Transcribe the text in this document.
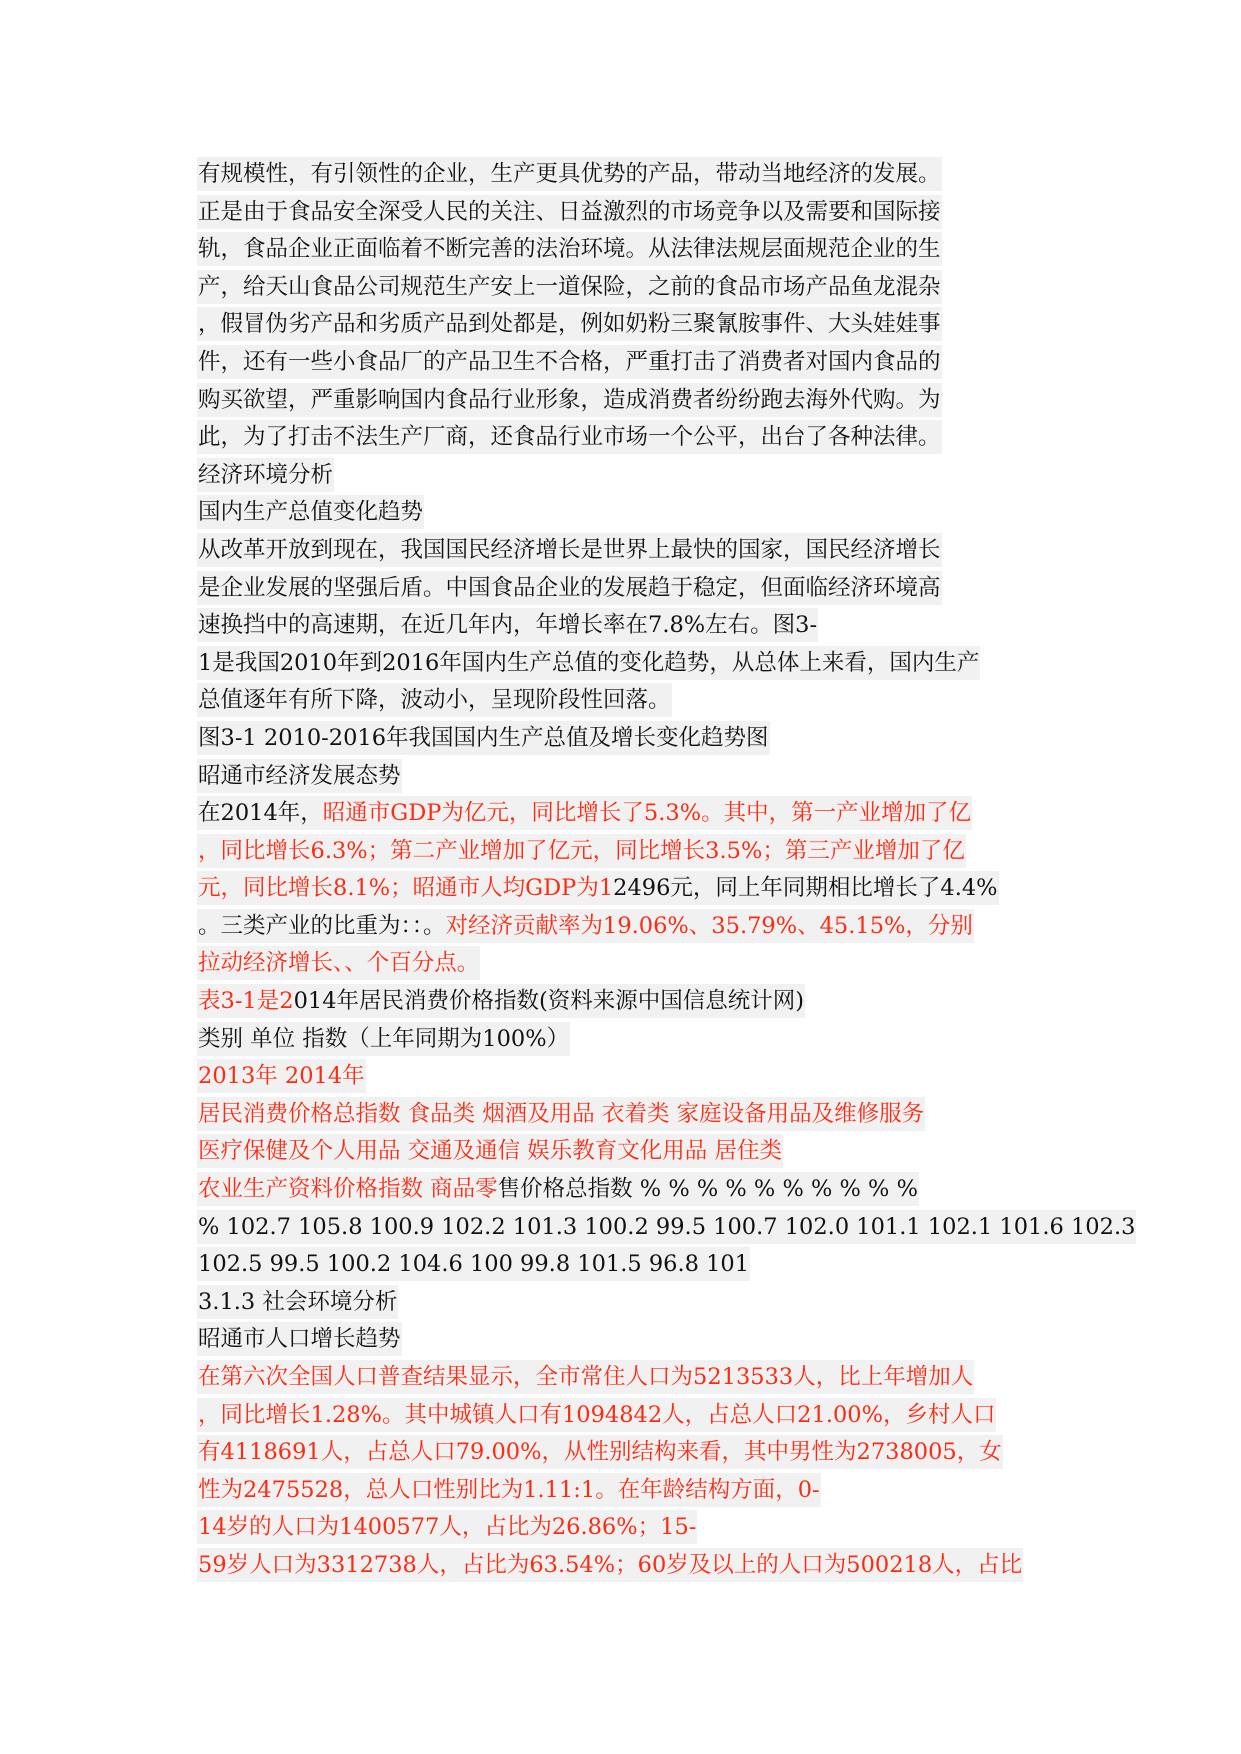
有规模性，有引领性的企业，生产更具优势的产品，带动当地经济的发展。
正是由于食品安全深受人民的关注、日益激烈的市场竞争以及需要和国际接
轨，食品企业正面临着不断完善的法治环境。从法律法规层面规范企业的生
产，给天山食品公司规范生产安上一道保险，之前的食品市场产品鱼龙混杂
，假冒伪劣产品和劣质产品到处都是，例如奶粉三聚氰胺事件、大头娃娃事
件，还有一些小食品厂的产品卫生不合格，严重打击了消费者对国内食品的
购买欲望，严重影响国内食品行业形象，造成消费者纷纷跑去海外代购。为
此，为了打击不法生产厂商，还食品行业市场一个公平，出台了各种法律。
经济环境分析
国内生产总值变化趋势
从改革开放到现在，我国国民经济增长是世界上最快的国家，国民经济增长
是企业发展的坚强后盾。中国食品企业的发展趋于稳定，但面临经济环境高
速换挡中的高速期，在近几年内，年增长率在7.8%左右。图3-
1是我国2010年到2016年国内生产总值的变化趋势，从总体上来看，国内生产
总值逐年有所下降，波动小，呈现阶段性回落。
图3-1 2010-2016年我国国内生产总值及增长变化趋势图
昭通市经济发展态势
在2014年，昭通市GDP为亿元，同比增长了5.3%。其中，第一产业增加了亿
，同比增长6.3%；第二产业增加了亿元，同比增长3.5%；第三产业增加了亿
元，同比增长8.1%；昭通市人均GDP为12496元，同上年同期相比增长了4.4%
。三类产业的比重为：：。对经济贡献率为19.06%、35.79%、45.15%，分别
拉动经济增长、、个百分点。
表3-1是2014年居民消费价格指数(资料来源中国信息统计网)
类别 单位 指数（上年同期为100%）
2013年 2014年
居民消费价格总指数 食品类 烟酒及用品 衣着类 家庭设备用品及维修服务
医疗保健及个人用品 交通及通信 娱乐教育文化用品 居住类
农业生产资料价格指数 商品零售价格总指数 % % % % % % % % % %
% 102.7 105.8 100.9 102.2 101.3 100.2 99.5 100.7 102.0 101.1 102.1 101.6 102.3
102.5 99.5 100.2 104.6 100 99.8 101.5 96.8 101
3.1.3 社会环境分析
昭通市人口增长趋势
在第六次全国人口普查结果显示，全市常住人口为5213533人，比上年增加人
，同比增长1.28%。其中城镇人口有1094842人，占总人口21.00%，乡村人口
有4118691人，占总人口79.00%，从性别结构来看，其中男性为2738005，女
性为2475528，总人口性别比为1.11:1。在年龄结构方面，0-
14岁的人口为1400577人，占比为26.86%；15-
59岁人口为3312738人，占比为63.54%；60岁及以上的人口为500218人，占比
